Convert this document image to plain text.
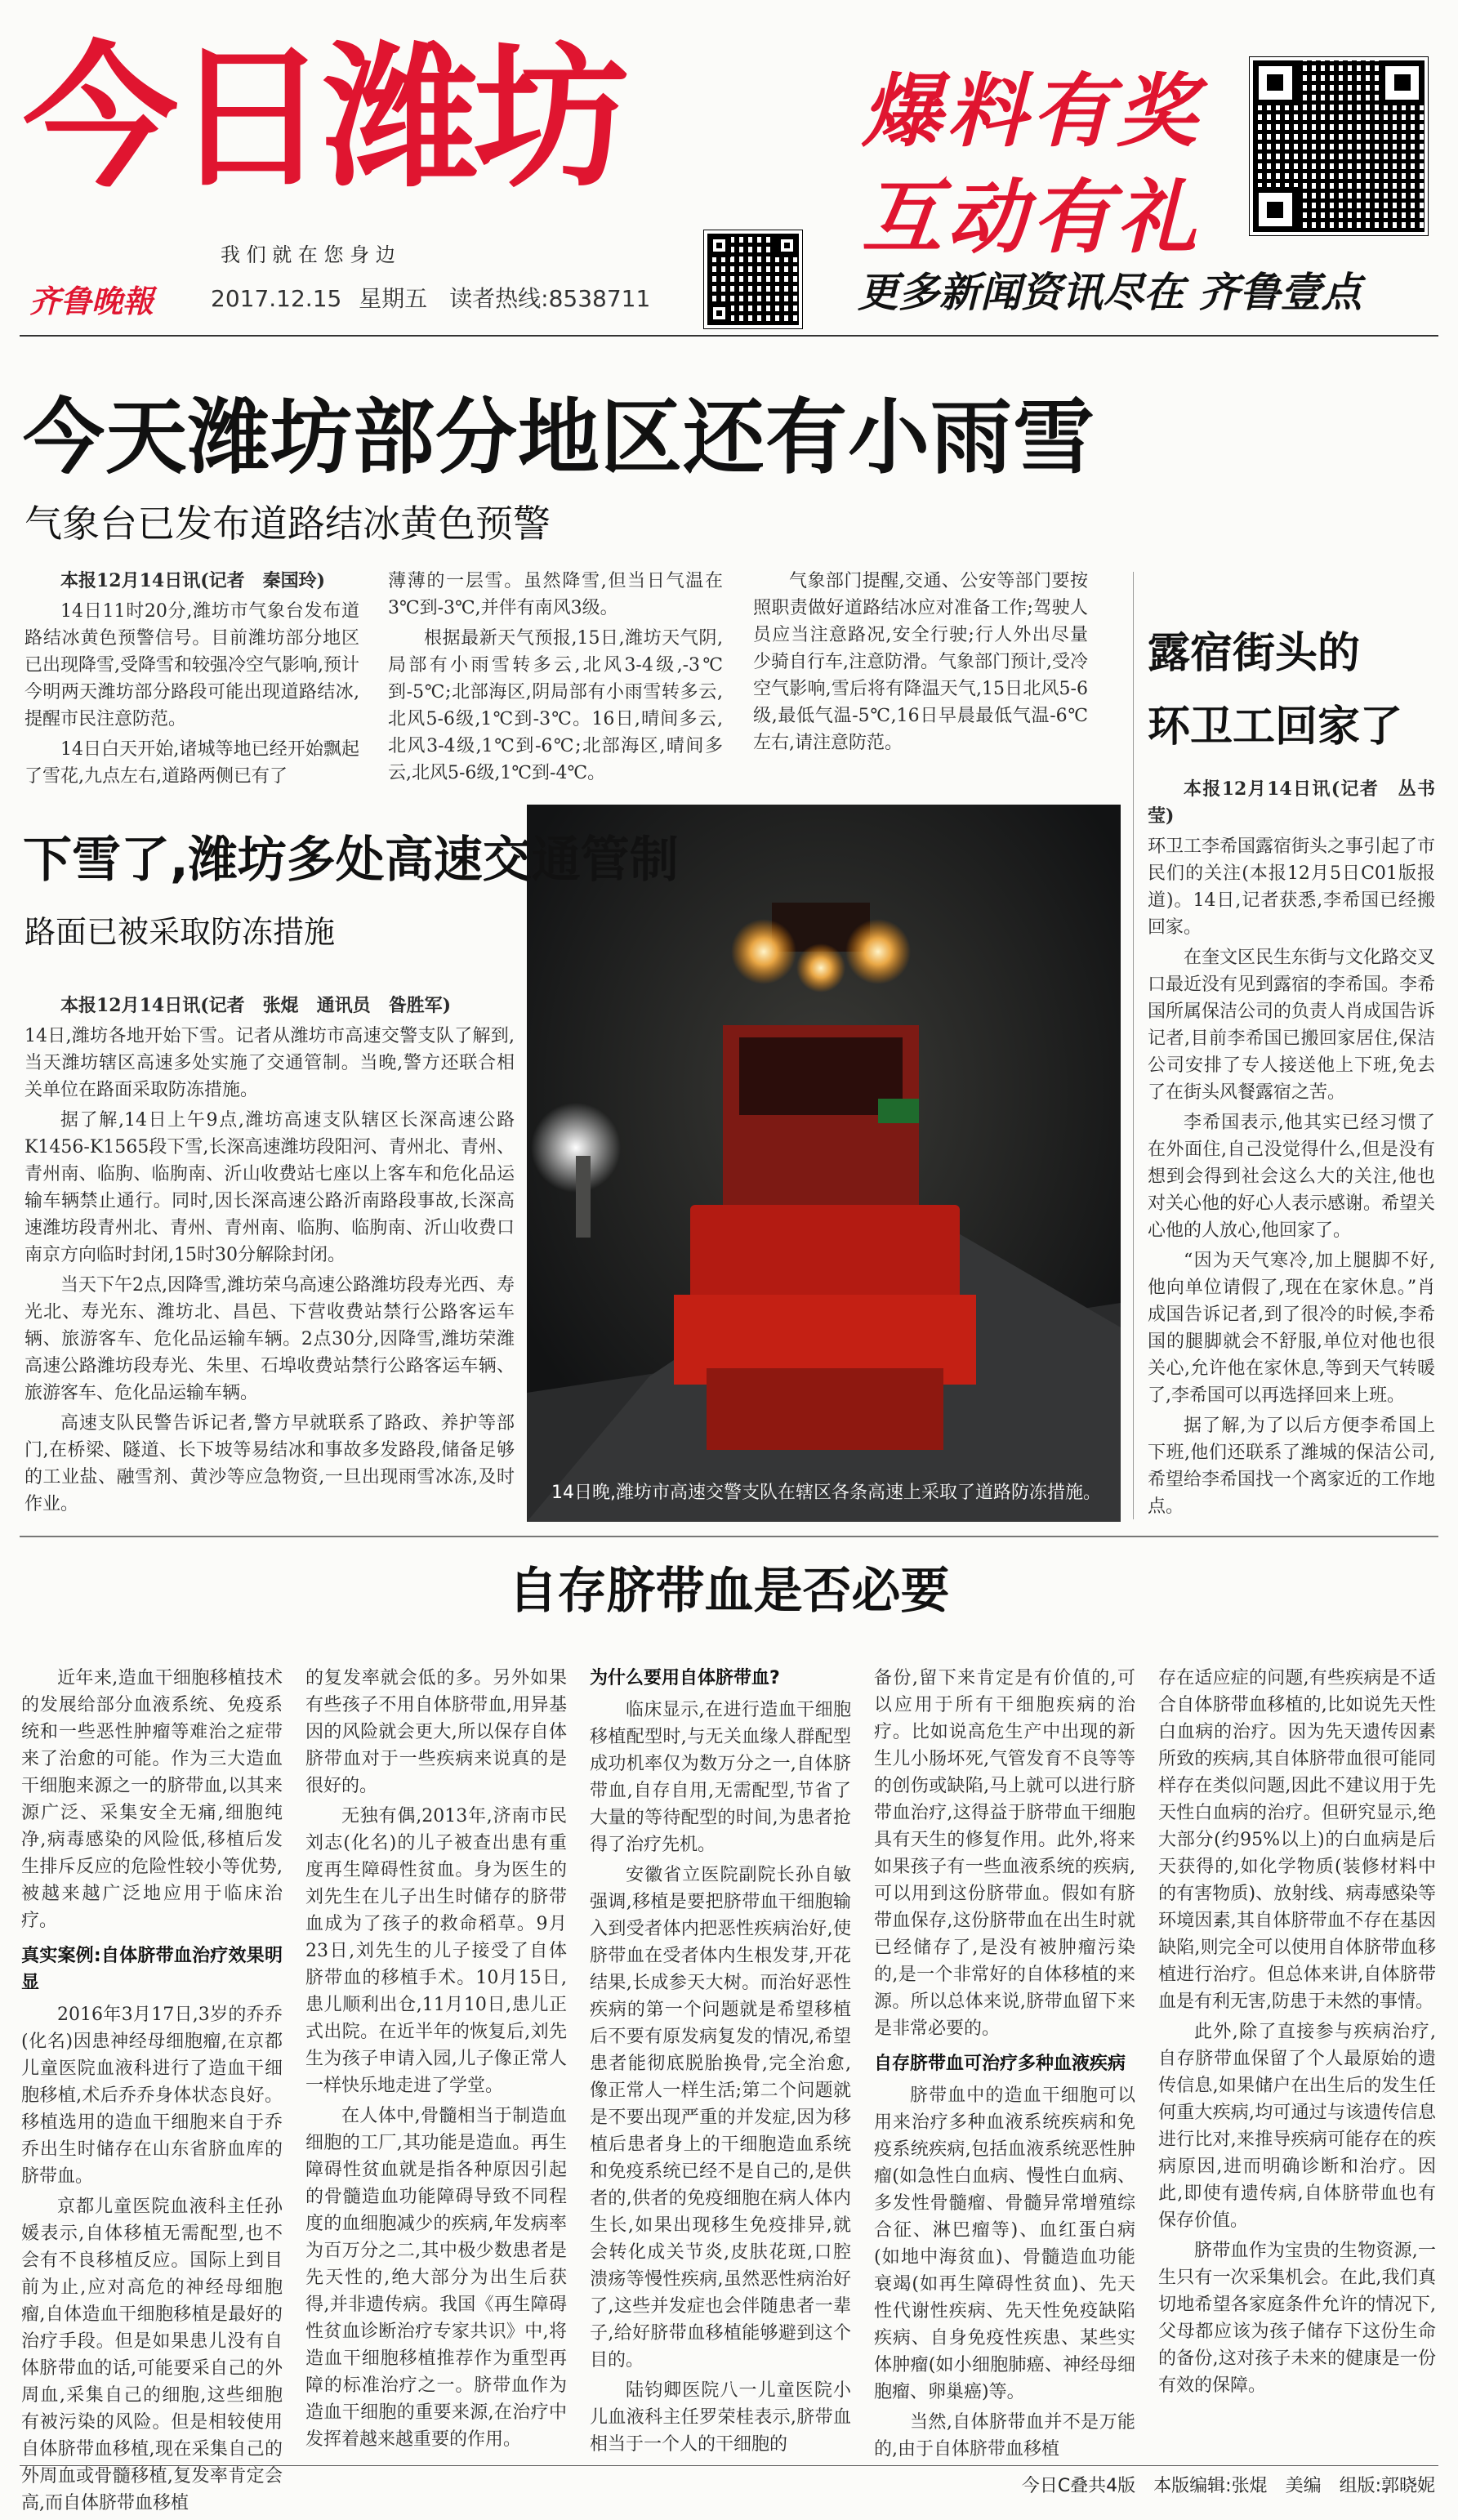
今日潍坊
我 们 就 在 您 身 边
齐鲁晚報 2017.12.15 星期五 读者热线:8538711
爆料有奖
互动有礼
更多新闻资讯尽在 齐鲁壹点
今天潍坊部分地区还有小雨雪
气象台已发布道路结冰黄色预警

本报12月14日讯(记者　秦国玲)

14日11时20分,潍坊市气象台发布道路结冰黄色预警信号。目前潍坊部分地区已出现降雪,受降雪和较强冷空气影响,预计今明两天潍坊部分路段可能出现道路结冰,提醒市民注意防范。

14日白天开始,诸城等地已经开始飘起了雪花,九点左右,道路两侧已有了

薄薄的一层雪。虽然降雪,但当日气温在3℃到-3℃,并伴有南风3级。

根据最新天气预报,15日,潍坊天气阴,局部有小雨雪转多云,北风3-4级,-3℃到-5℃;北部海区,阴局部有小雨雪转多云,北风5-6级,1℃到-3℃。16日,晴间多云,北风3-4级,1℃到-6℃;北部海区,晴间多云,北风5-6级,1℃到-4℃。

气象部门提醒,交通、公安等部门要按照职责做好道路结冰应对准备工作;驾驶人员应当注意路况,安全行驶;行人外出尽量少骑自行车,注意防滑。气象部门预计,受冷空气影响,雪后将有降温天气,15日北风5-6级,最低气温-5℃,16日早晨最低气温-6℃左右,请注意防范。

露宿街头的
环卫工回家了

本报12月14日讯(记者　丛书莹)

环卫工李希国露宿街头之事引起了市民们的关注(本报12月5日C01版报道)。14日,记者获悉,李希国已经搬回家。

在奎文区民生东街与文化路交叉口最近没有见到露宿的李希国。李希国所属保洁公司的负责人肖成国告诉记者,目前李希国已搬回家居住,保洁公司安排了专人接送他上下班,免去了在街头风餐露宿之苦。

李希国表示,他其实已经习惯了在外面住,自己没觉得什么,但是没有想到会得到社会这么大的关注,他也对关心他的好心人表示感谢。希望关心他的人放心,他回家了。

“因为天气寒冷,加上腿脚不好,他向单位请假了,现在在家休息。”肖成国告诉记者,到了很冷的时候,李希国的腿脚就会不舒服,单位对他也很关心,允许他在家休息,等到天气转暖了,李希国可以再选择回来上班。

据了解,为了以后方便李希国上下班,他们还联系了潍城的保洁公司,希望给李希国找一个离家近的工作地点。

下雪了,潍坊多处高速交通管制
路面已被采取防冻措施

本报12月14日讯(记者　张焜　通讯员　昝胜军)

14日,潍坊各地开始下雪。记者从潍坊市高速交警支队了解到,当天潍坊辖区高速多处实施了交通管制。当晚,警方还联合相关单位在路面采取防冻措施。

据了解,14日上午9点,潍坊高速支队辖区长深高速公路K1456-K1565段下雪,长深高速潍坊段阳河、青州北、青州、青州南、临朐、临朐南、沂山收费站七座以上客车和危化品运输车辆禁止通行。同时,因长深高速公路沂南路段事故,长深高速潍坊段青州北、青州、青州南、临朐、临朐南、沂山收费口南京方向临时封闭,15时30分解除封闭。

当天下午2点,因降雪,潍坊荣乌高速公路潍坊段寿光西、寿光北、寿光东、潍坊北、昌邑、下营收费站禁行公路客运车辆、旅游客车、危化品运输车辆。2点30分,因降雪,潍坊荣潍高速公路潍坊段寿光、朱里、石埠收费站禁行公路客运车辆、旅游客车、危化品运输车辆。

高速支队民警告诉记者,警方早就联系了路政、养护等部门,在桥梁、隧道、长下坡等易结冰和事故多发路段,储备足够的工业盐、融雪剂、黄沙等应急物资,一旦出现雨雪冰冻,及时作业。

14日晚,潍坊市高速交警支队在辖区各条高速上采取了道路防冻措施。
自存脐带血是否必要

近年来,造血干细胞移植技术的发展给部分血液系统、免疫系统和一些恶性肿瘤等难治之症带来了治愈的可能。作为三大造血干细胞来源之一的脐带血,以其来源广泛、采集安全无痛,细胞纯净,病毒感染的风险低,移植后发生排斥反应的危险性较小等优势,被越来越广泛地应用于临床治疗。

真实案例:自体脐带血治疗效果明显

2016年3月17日,3岁的乔乔(化名)因患神经母细胞瘤,在京都儿童医院血液科进行了造血干细胞移植,术后乔乔身体状态良好。移植选用的造血干细胞来自于乔乔出生时储存在山东省脐血库的脐带血。

京都儿童医院血液科主任孙媛表示,自体移植无需配型,也不会有不良移植反应。国际上到目前为止,应对高危的神经母细胞瘤,自体造血干细胞移植是最好的治疗手段。但是如果患儿没有自体脐带血的话,可能要采自己的外周血,采集自己的细胞,这些细胞有被污染的风险。但是相较使用自体脐带血移植,现在采集自己的外周血或骨髓移植,复发率肯定会高,而自体脐带血移植

的复发率就会低的多。另外如果有些孩子不用自体脐带血,用异基因的风险就会更大,所以保存自体脐带血对于一些疾病来说真的是很好的。

无独有偶,2013年,济南市民刘志(化名)的儿子被查出患有重度再生障碍性贫血。身为医生的刘先生在儿子出生时储存的脐带血成为了孩子的救命稻草。9月23日,刘先生的儿子接受了自体脐带血的移植手术。10月15日,患儿顺利出仓,11月10日,患儿正式出院。在近半年的恢复后,刘先生为孩子申请入园,儿子像正常人一样快乐地走进了学堂。

在人体中,骨髓相当于制造血细胞的工厂,其功能是造血。再生障碍性贫血就是指各种原因引起的骨髓造血功能障碍导致不同程度的血细胞减少的疾病,年发病率为百万分之二,其中极少数患者是先天性的,绝大部分为出生后获得,并非遗传病。我国《再生障碍性贫血诊断治疗专家共识》中,将造血干细胞移植推荐作为重型再障的标准治疗之一。脐带血作为造血干细胞的重要来源,在治疗中发挥着越来越重要的作用。

为什么要用自体脐带血?

临床显示,在进行造血干细胞移植配型时,与无关血缘人群配型成功机率仅为数万分之一,自体脐带血,自存自用,无需配型,节省了大量的等待配型的时间,为患者抢得了治疗先机。

安徽省立医院副院长孙自敏强调,移植是要把脐带血干细胞输入到受者体内把恶性疾病治好,使脐带血在受者体内生根发芽,开花结果,长成参天大树。而治好恶性疾病的第一个问题就是希望移植后不要有原发病复发的情况,希望患者能彻底脱胎换骨,完全治愈,像正常人一样生活;第二个问题就是不要出现严重的并发症,因为移植后患者身上的干细胞造血系统和免疫系统已经不是自己的,是供者的,供者的免疫细胞在病人体内生长,如果出现移生免疫排异,就会转化成关节炎,皮肤花斑,口腔溃疡等慢性疾病,虽然恶性病治好了,这些并发症也会伴随患者一辈子,给好脐带血移植能够避到这个目的。

陆钧卿医院八一儿童医院小儿血液科主任罗荣桂表示,脐带血相当于一个人的干细胞的

备份,留下来肯定是有价值的,可以应用于所有干细胞疾病的治疗。比如说高危生产中出现的新生儿小肠坏死,气管发育不良等等的创伤或缺陷,马上就可以进行脐带血治疗,这得益于脐带血干细胞具有天生的修复作用。此外,将来如果孩子有一些血液系统的疾病,可以用到这份脐带血。假如有脐带血保存,这份脐带血在出生时就已经储存了,是没有被肿瘤污染的,是一个非常好的自体移植的来源。所以总体来说,脐带血留下来是非常必要的。

自存脐带血可治疗多种血液疾病

脐带血中的造血干细胞可以用来治疗多种血液系统疾病和免疫系统疾病,包括血液系统恶性肿瘤(如急性白血病、慢性白血病、多发性骨髓瘤、骨髓异常增殖综合征、淋巴瘤等)、血红蛋白病(如地中海贫血)、骨髓造血功能衰竭(如再生障碍性贫血)、先天性代谢性疾病、先天性免疫缺陷疾病、自身免疫性疾患、某些实体肿瘤(如小细胞肺癌、神经母细胞瘤、卵巢癌)等。

当然,自体脐带血并不是万能的,由于自体脐带血移植

存在适应症的问题,有些疾病是不适合自体脐带血移植的,比如说先天性白血病的治疗。因为先天遗传因素所致的疾病,其自体脐带血很可能同样存在类似问题,因此不建议用于先天性白血病的治疗。但研究显示,绝大部分(约95%以上)的白血病是后天获得的,如化学物质(装修材料中的有害物质)、放射线、病毒感染等环境因素,其自体脐带血不存在基因缺陷,则完全可以使用自体脐带血移植进行治疗。但总体来讲,自体脐带血是有利无害,防患于未然的事情。

此外,除了直接参与疾病治疗,自存脐带血保留了个人最原始的遗传信息,如果储户在出生后的发生任何重大疾病,均可通过与该遗传信息进行比对,来推导疾病可能存在的疾病原因,进而明确诊断和治疗。因此,即使有遗传病,自体脐带血也有保存价值。

脐带血作为宝贵的生物资源,一生只有一次采集机会。在此,我们真切地希望各家庭条件允许的情况下,父母都应该为孩子储存下这份生命的备份,这对孩子未来的健康是一份有效的保障。

今日C叠共4版　本版编辑:张焜　美编　组版:郭晓妮
